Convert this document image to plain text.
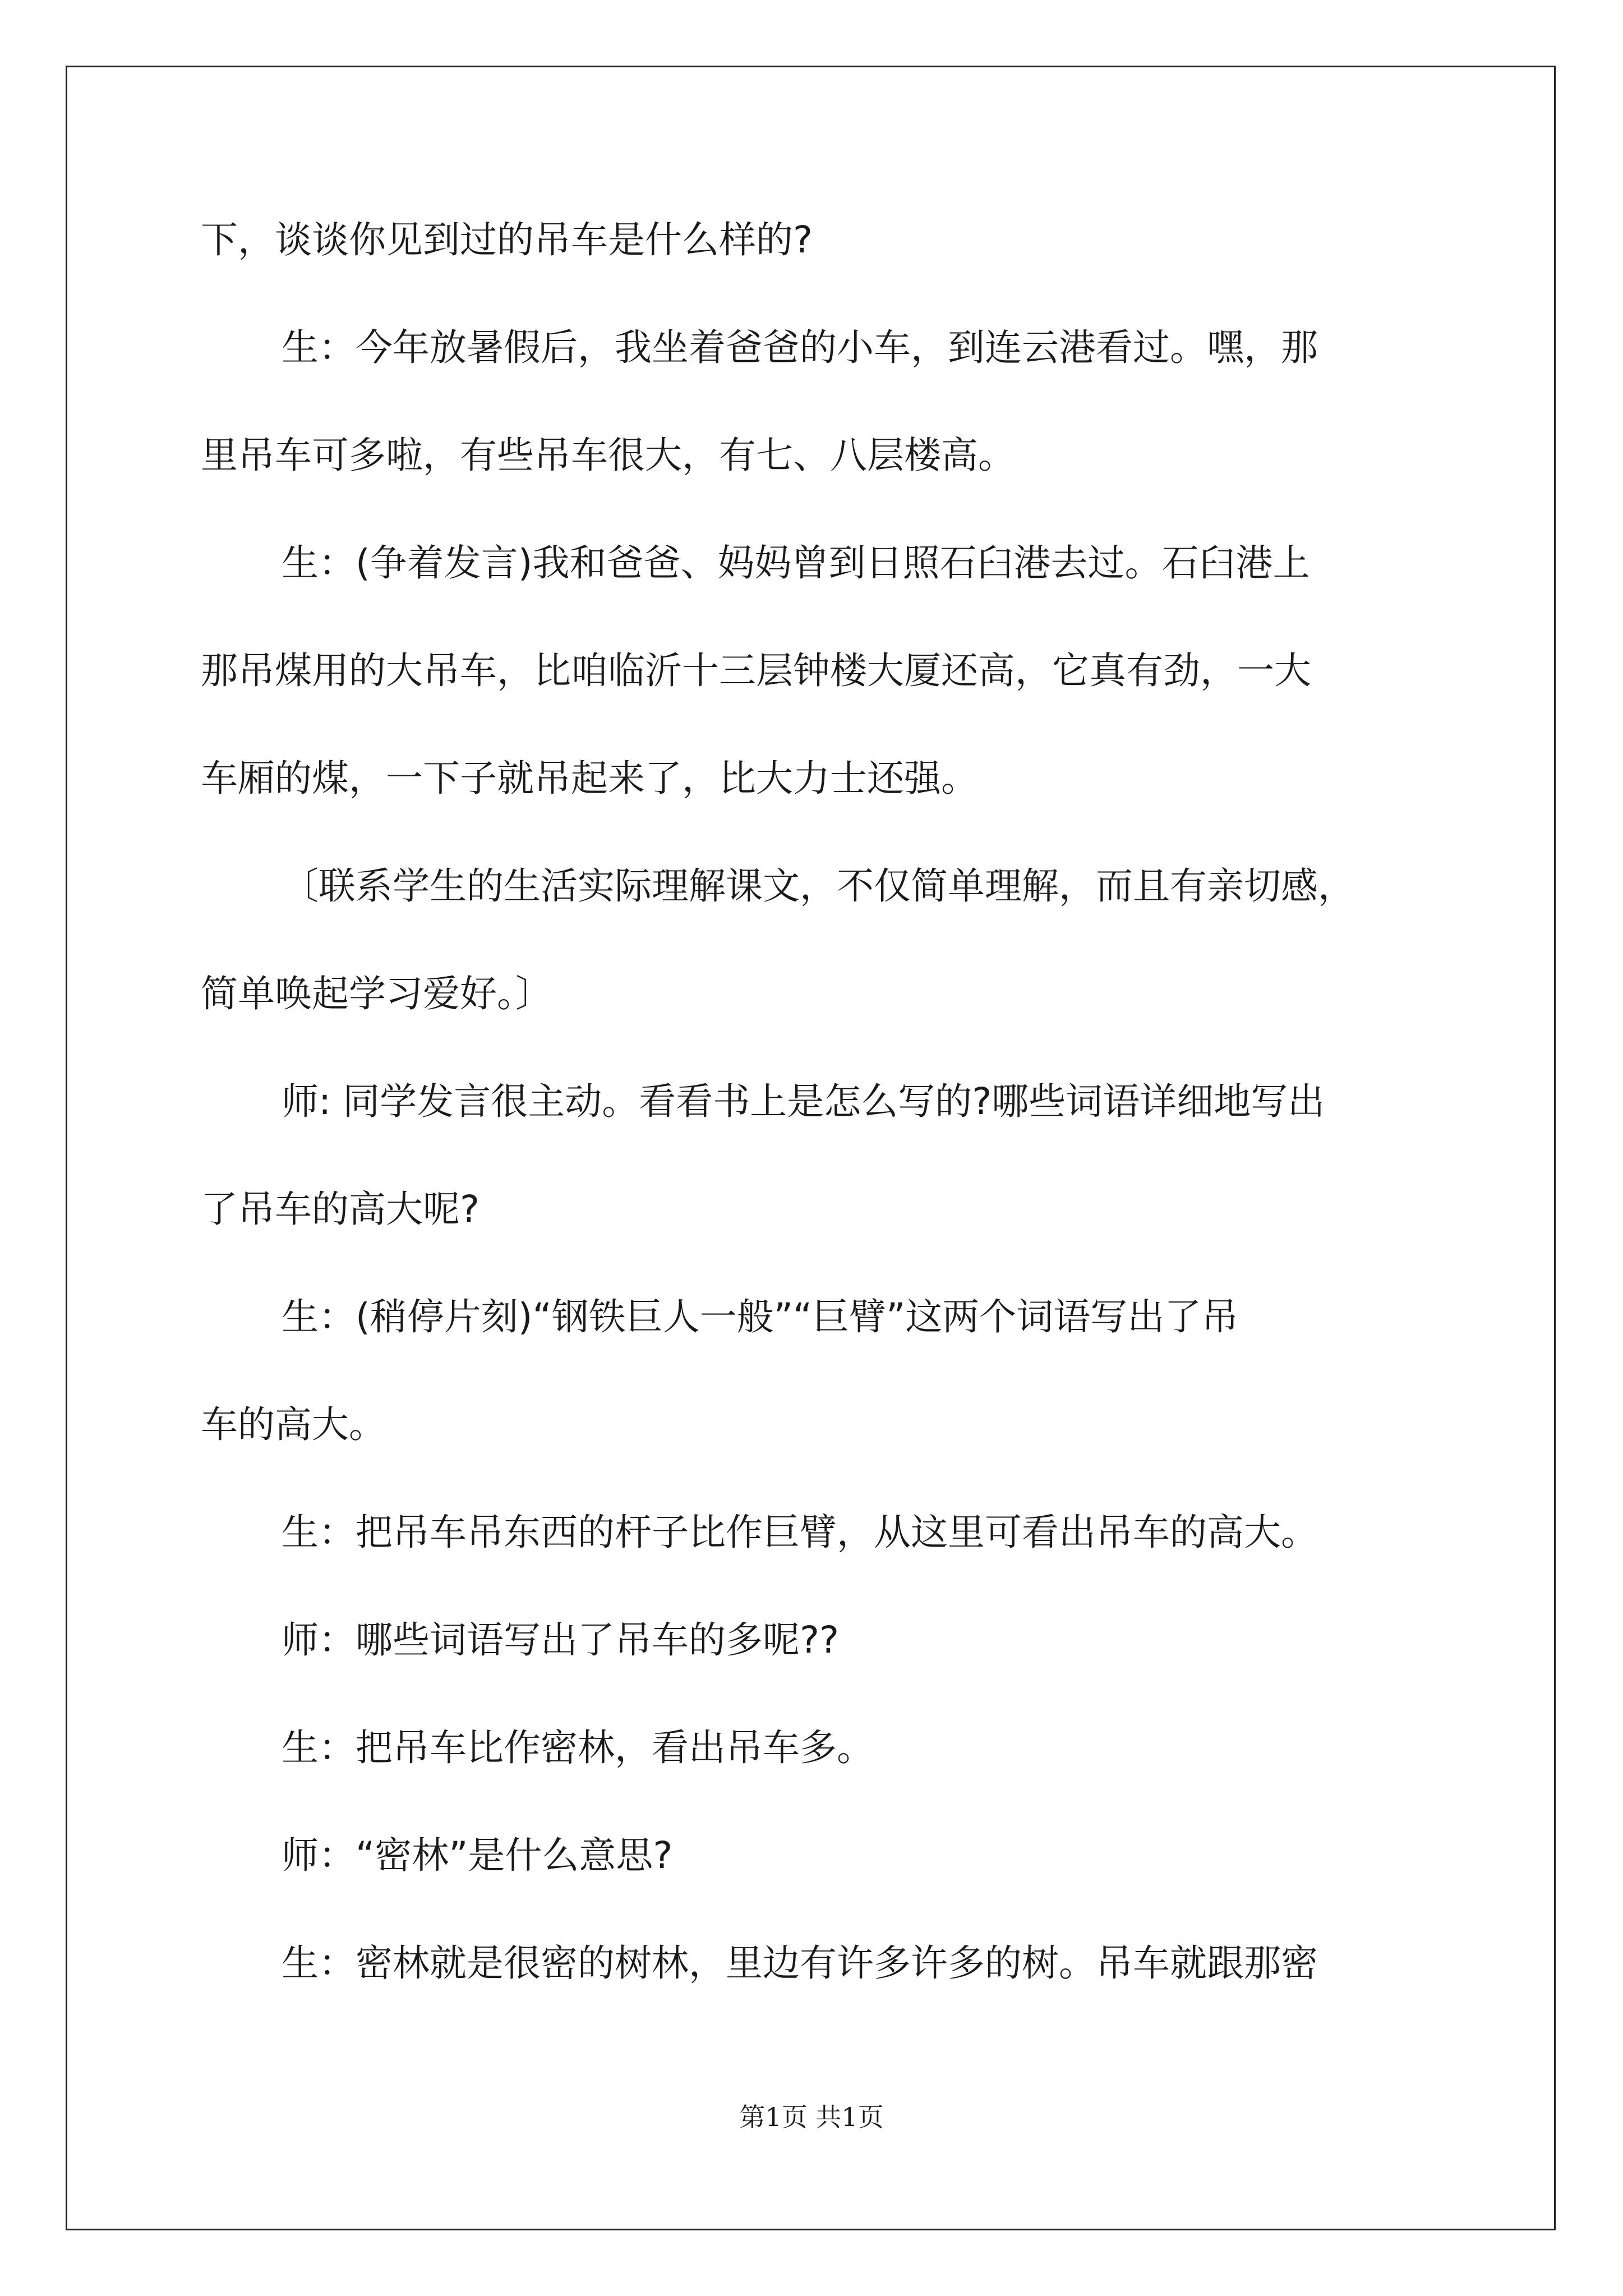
下，谈谈你见到过的吊车是什么样的?
生：今年放暑假后，我坐着爸爸的小车，到连云港看过。嘿，那
里吊车可多啦，有些吊车很大，有七、八层楼高。
生：(争着发言)我和爸爸、妈妈曾到日照石臼港去过。石臼港上
那吊煤用的大吊车，比咱临沂十三层钟楼大厦还高，它真有劲，一大
车厢的煤，一下子就吊起来了，比大力士还强。
〔联系学生的生活实际理解课文，不仅简单理解，而且有亲切感，
简单唤起学习爱好。〕
师: 同学发言很主动。看看书上是怎么写的?哪些词语详细地写出
了吊车的高大呢?
生：(稍停片刻)“钢铁巨人一般”“巨臂”这两个词语写出了吊
车的高大。
生：把吊车吊东西的杆子比作巨臂，从这里可看出吊车的高大。
师：哪些词语写出了吊车的多呢??
生：把吊车比作密林，看出吊车多。
师：“密林”是什么意思?
生：密林就是很密的树林，里边有许多许多的树。吊车就跟那密
第1页 共1页
